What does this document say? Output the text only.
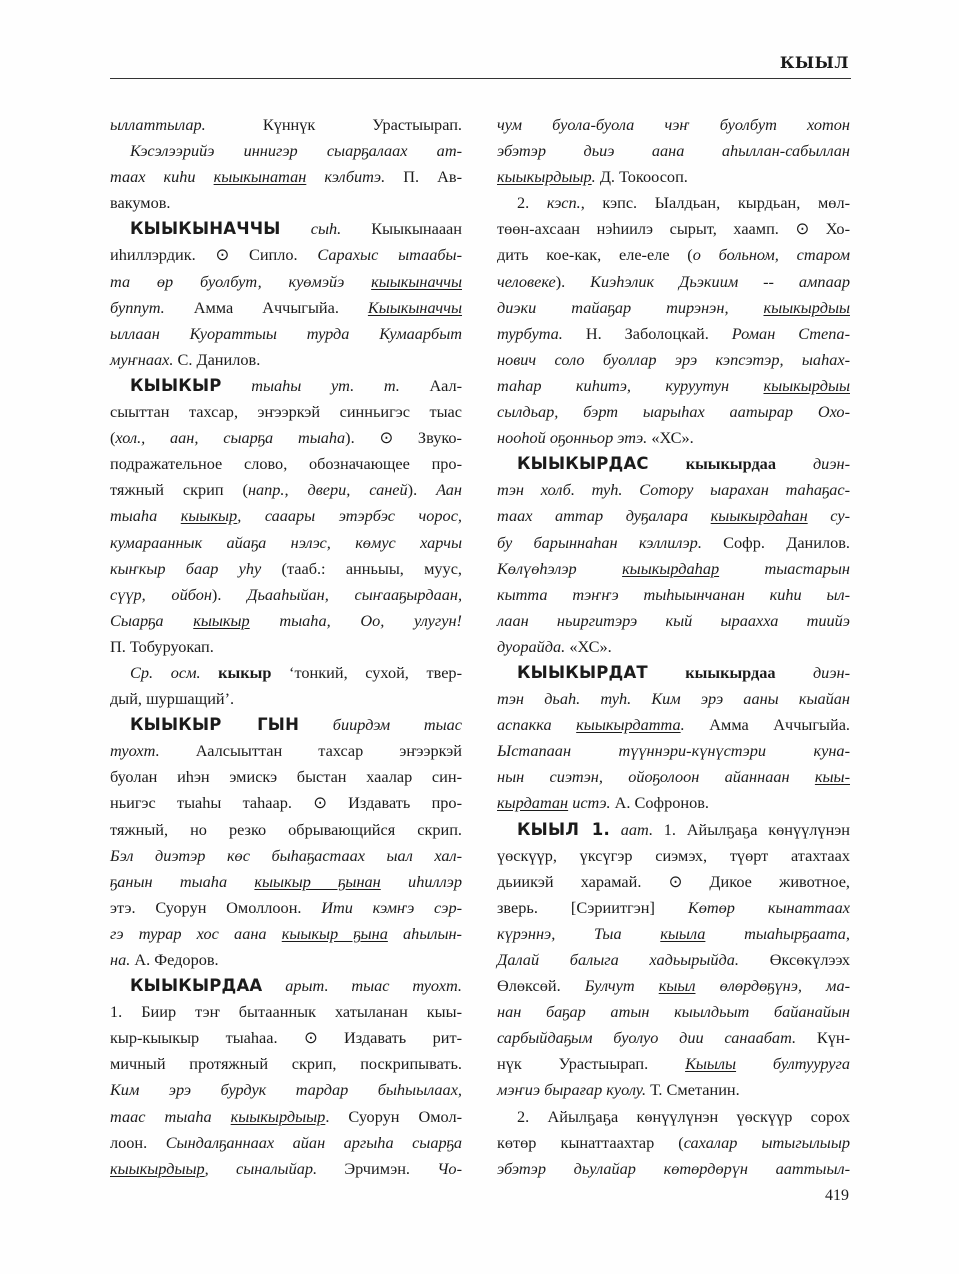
КЫЫЛ
ыллаттылар. Күннүк Урастыырап.
Кэсэлээрийэ иннигэр сыарҕалаах ат-
таах киһи кыыкынатан кэлбитэ. П. Ав-
вакумов.
КЫЫКЫНАЧЧЫ сыһ. Кыыкынааан
иһиллэрдик. ⊙ Сипло. Сарахыс ытаабы-
та өр буолбут, куөмэйэ кыыкыначчы
буппут. Амма Аччыгыйа. Кыыкыначчы
ыллаан Куораттыы турда Кумаарбыт
муҥнаах. С. Данилов.
КЫЫКЫР тыаһы ут. т. Аал-
сыыттан тахсар, эҥээркэй синньигэс тыас
(хол., аан, сыарҕа тыаһа). ⊙ Звуко-
подражательное слово, обозначающее про-
тяжный скрип (напр., двери, саней). Аан
тыаһа кыыкыр, сааары этэрбэс чорос,
кумарааннык айаҕа нэлэс, көмус харчы
кыҥкыр баар уһу (тааб.: анньыы, муус,
сүүр, ойбон). Дьааһыйан, сыҥааҕырдаан,
Сыарҕа кыыкыр тыаһа, Оо, улугун!
П. Тобуруокап.
Ср. осм. кыкыр ‘тонкий, сухой, твер-
дый, шуршащий’.
КЫЫКЫР ГЫН биирдэм тыас
туохт. Аалсыыттан тахсар эҥээркэй
буолан иһэн эмискэ быстан хаалар син-
ньигэс тыаһы таһаар. ⊙ Издавать про-
тяжный, но резко обрывающийся скрип.
Бэл диэтэр көс быһаҕастаах ыал хал-
ҕанын тыаһа кыыкыр ҕынан иһиллэр
этэ. Суорун Омоллоон. Ити кэмҥэ сэр-
гэ турар хос аана кыыкыр ҕына аһылын-
на. А. Федоров.
КЫЫКЫРДАА арыт. тыас туохт.
1. Биир тэҥ бытааннык хатыланан кыы-
кыр-кыыкыр тыаһаа. ⊙ Издавать рит-
мичный протяжный скрип, поскрипывать.
Ким эрэ бурдук тардар быһыылаах,
таас тыаһа кыыкырдыыр. Суорун Омол-
лоон. Сындалҕаннаах айан аргыһа сыарҕа
кыыкырдыыр, сыналыйар. Эрчимэн. Чо-
чум буола-буола чэҥ буолбут хотон
эбэтэр дьиэ аана аһыллан-сабыллан
кыыкырдыыр. Д. Токоосоп.
2. кэсп., кэпс. Ыалдьан, кырдьан, мөл-
төөн-ахсаан нэһиилэ сырыт, хаамп. ⊙ Хо-
дить кое-как, еле-еле (о больном, старом
человеке). Киэһэлик Дьэкиим -- ампаар
диэки тайаҕар тирэнэн, кыыкырдыы
турбута. Н. Заболоцкай. Роман Степа-
нович соло буоллар эрэ кэпсэтэр, ыаһах-
таһар киһитэ, куруутун кыыкырдыы
сылдьар, бэрт ыарыһах аатырар Охо-
нооһой оҕонньор этэ. «ХС».
КЫЫКЫРДАС кыыкырдаа диэн-
тэн холб. туһ. Сотору ыарахан таһаҕас-
таах аттар дуҕалара кыыкырдаһан су-
бу барыннаһан кэллилэр. Софр. Данилов.
Көлүөһэлэр кыыкырдаһар тыастарын
кытта тэҥҥэ тыһыынчанан киһи ыл-
лаан ньиргитэрэ кый ыраахха тиийэ
дуорайда. «ХС».
КЫЫКЫРДАТ кыыкырдаа диэн-
тэн дьаһ. туһ. Ким эрэ ааны кыайан
аспакка кыыкырдатта. Амма Аччыгыйа.
Ыстапаан түүннэри-күнүстэри куна-
нын сиэтэн, ойоҕолоон айаннаан кыы-
кырдатан истэ. А. Софронов.
КЫЫЛ 1. аат. 1. Айылҕаҕа көнүүлүнэн
үөскүүр, үксүгэр сиэмэх, түөрт атахтаах
дьиикэй харамай. ⊙ Дикое животное,
зверь. [Сэриитгэн] Көтөр кынаттаах
күрэннэ, Тыа кыыла тыаһырҕаата,
Далай балыга хадьырыйда. Өксөкүлээх
Өлөксөй. Булчут кыыл өлөрдөҕүнэ, ма-
нан баҕар атын кыылдьыт байанайын
сарбыйдаҕым буолуо дии санаабат. Күн-
нүк Урастыырап. Кыылы бултууруга
мэҥиэ бырағар куолу. Т. Сметанин.
2. Айылҕаҕа көнүүлүнэн үөскүүр сорох
көтөр кынаттаахтар (сахалар ытыгылыыр
эбэтэр дьулайар көтөрдөрүн ааттыыл-
419
